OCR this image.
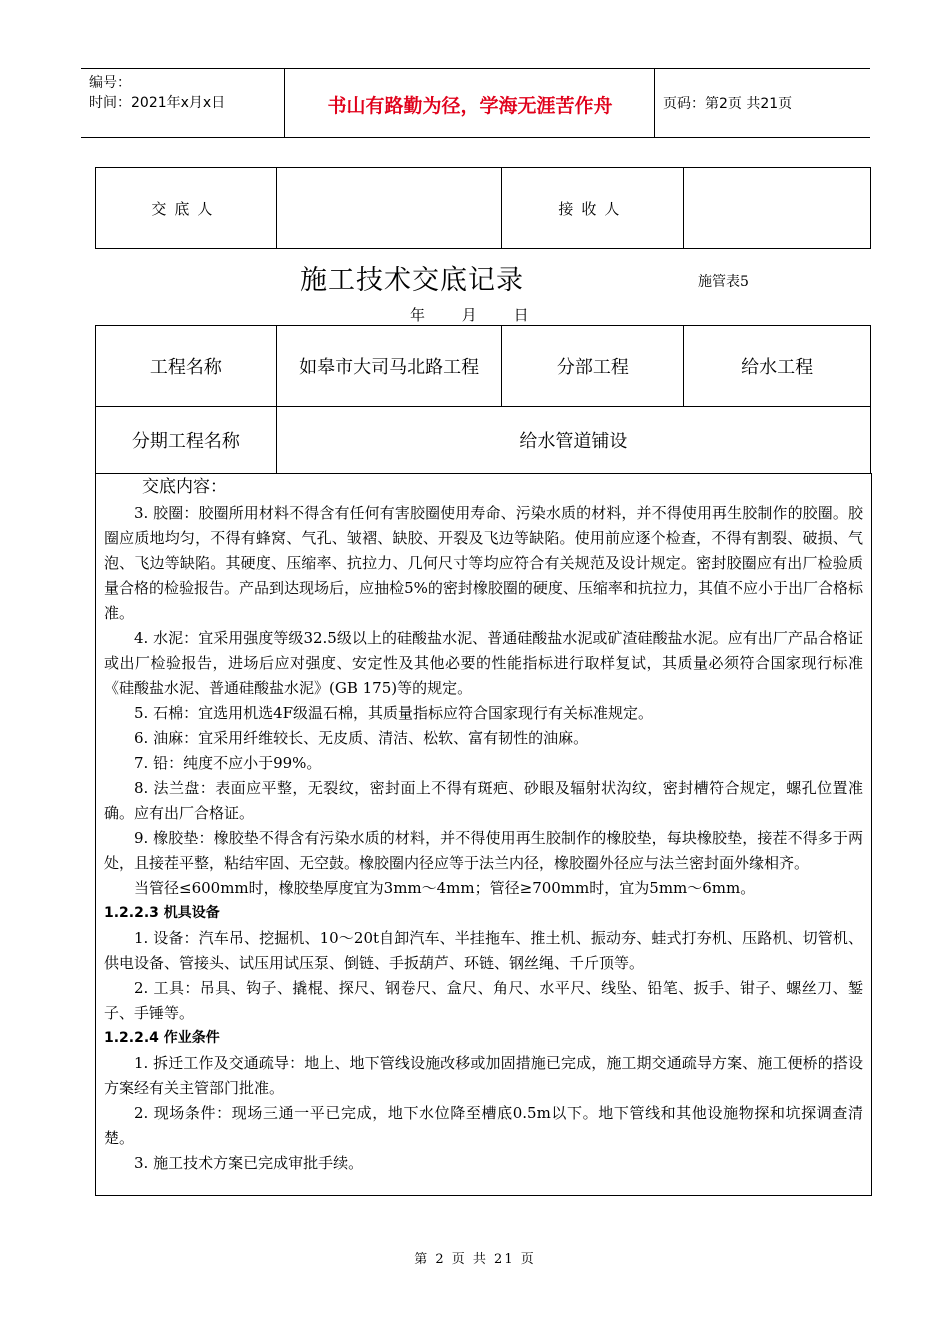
编号：
时间：2021年x月x日	书山有路勤为径，学海无涯苦作舟	页码：第2页 共21页
交底人		接收人	
施工技术交底记录	施管表5
年 月 日
工程名称	如皋市大司马北路工程	分部工程	给水工程
分期工程名称	给水管道铺设		

交底内容：

3. 胶圈：胶圈所用材料不得含有任何有害胶圈使用寿命、污染水质的材料，并不得使用再生胶制作的胶圈。胶圈应质地均匀，不得有蜂窝、气孔、皱褶、缺胶、开裂及飞边等缺陷。使用前应逐个检查，不得有割裂、破损、气泡、飞边等缺陷。其硬度、压缩率、抗拉力、几何尺寸等均应符合有关规范及设计规定。密封胶圈应有出厂检验质量合格的检验报告。产品到达现场后，应抽检5%的密封橡胶圈的硬度、压缩率和抗拉力，其值不应小于出厂合格标准。

4. 水泥：宜采用强度等级32.5级以上的硅酸盐水泥、普通硅酸盐水泥或矿渣硅酸盐水泥。应有出厂产品合格证或出厂检验报告，进场后应对强度、安定性及其他必要的性能指标进行取样复试，其质量必须符合国家现行标准《硅酸盐水泥、普通硅酸盐水泥》(GB 175)等的规定。

5. 石棉：宜选用机选4F级温石棉，其质量指标应符合国家现行有关标准规定。

6. 油麻：宜采用纤维较长、无皮质、清洁、松软、富有韧性的油麻。

7. 铅：纯度不应小于99%。

8. 法兰盘：表面应平整，无裂纹，密封面上不得有斑疤、砂眼及辐射状沟纹，密封槽符合规定，螺孔位置准确。应有出厂合格证。

9. 橡胶垫：橡胶垫不得含有污染水质的材料，并不得使用再生胶制作的橡胶垫，每块橡胶垫，接茬不得多于两处，且接茬平整，粘结牢固、无空鼓。橡胶圈内径应等于法兰内径，橡胶圈外径应与法兰密封面外缘相齐。

当管径≤600mm时，橡胶垫厚度宜为3mm～4mm；管径≥700mm时，宜为5mm～6mm。

1.2.2.3 机具设备

1. 设备：汽车吊、挖掘机、10～20t自卸汽车、半挂拖车、推土机、振动夯、蛙式打夯机、压路机、切管机、供电设备、管接头、试压用试压泵、倒链、手扳葫芦、环链、钢丝绳、千斤顶等。

2. 工具：吊具、钩子、撬棍、探尺、钢卷尺、盒尺、角尺、水平尺、线坠、铅笔、扳手、钳子、螺丝刀、錾子、手锤等。

1.2.2.4 作业条件

1. 拆迁工作及交通疏导：地上、地下管线设施改移或加固措施已完成，施工期交通疏导方案、施工便桥的搭设方案经有关主管部门批准。

2. 现场条件：现场三通一平已完成，地下水位降至槽底0.5m以下。地下管线和其他设施物探和坑探调查清楚。

3. 施工技术方案已完成审批手续。

第 2 页 共 21 页
